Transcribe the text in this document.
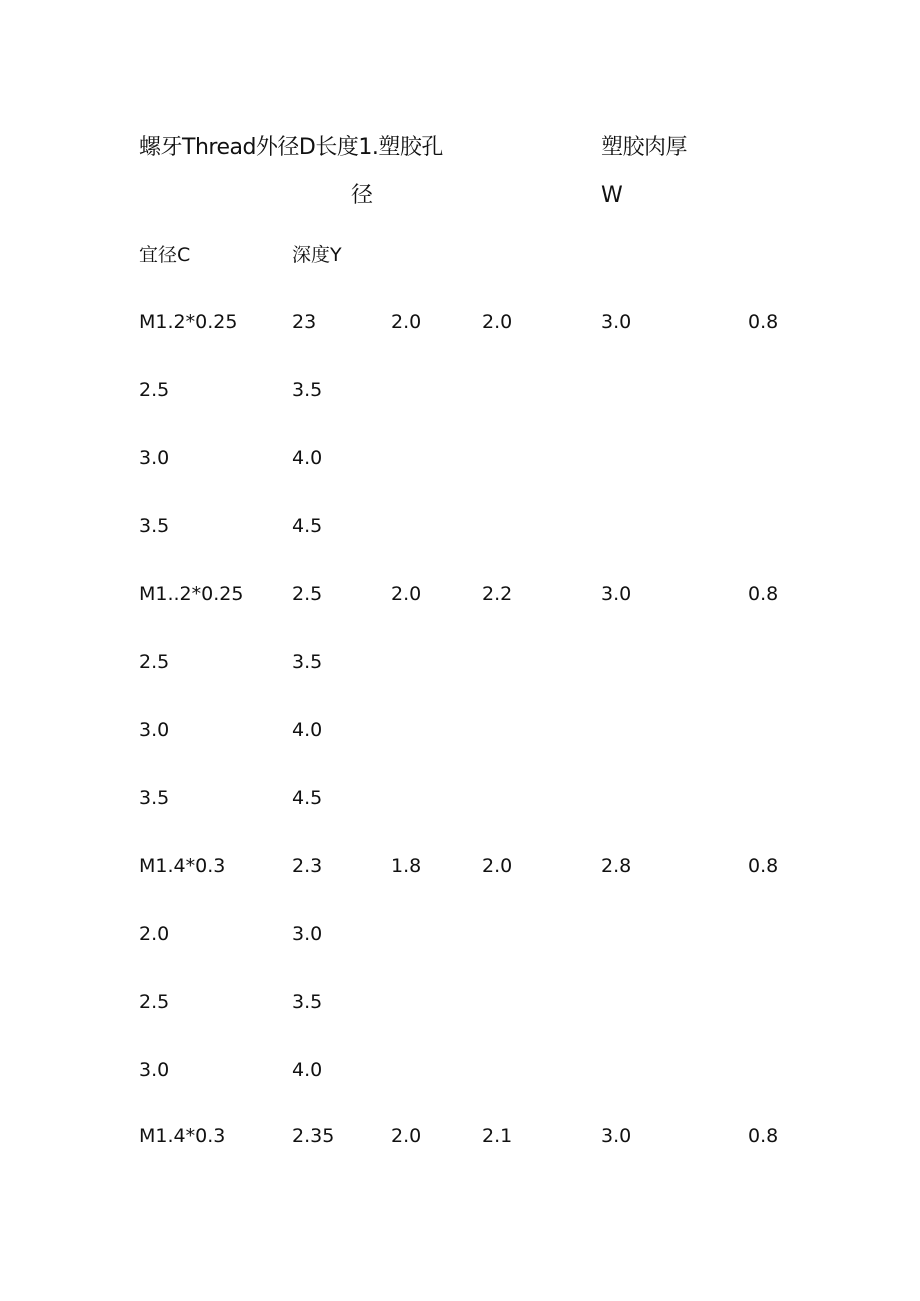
螺牙Thread外径D长度1.塑胶孔
径
塑胶肉厚
W
宜径C	深度Y
M1.2*0.25	23	2.0	2.0	3.0	0.8
2.5	3.5
3.0	4.0
3.5	4.5
M1..2*0.25	2.5	2.0	2.2	3.0	0.8
2.5	3.5
3.0	4.0
3.5	4.5
M1.4*0.3	2.3	1.8	2.0	2.8	0.8
2.0	3.0
2.5	3.5
3.0	4.0
M1.4*0.3	2.35	2.0	2.1	3.0	0.8
